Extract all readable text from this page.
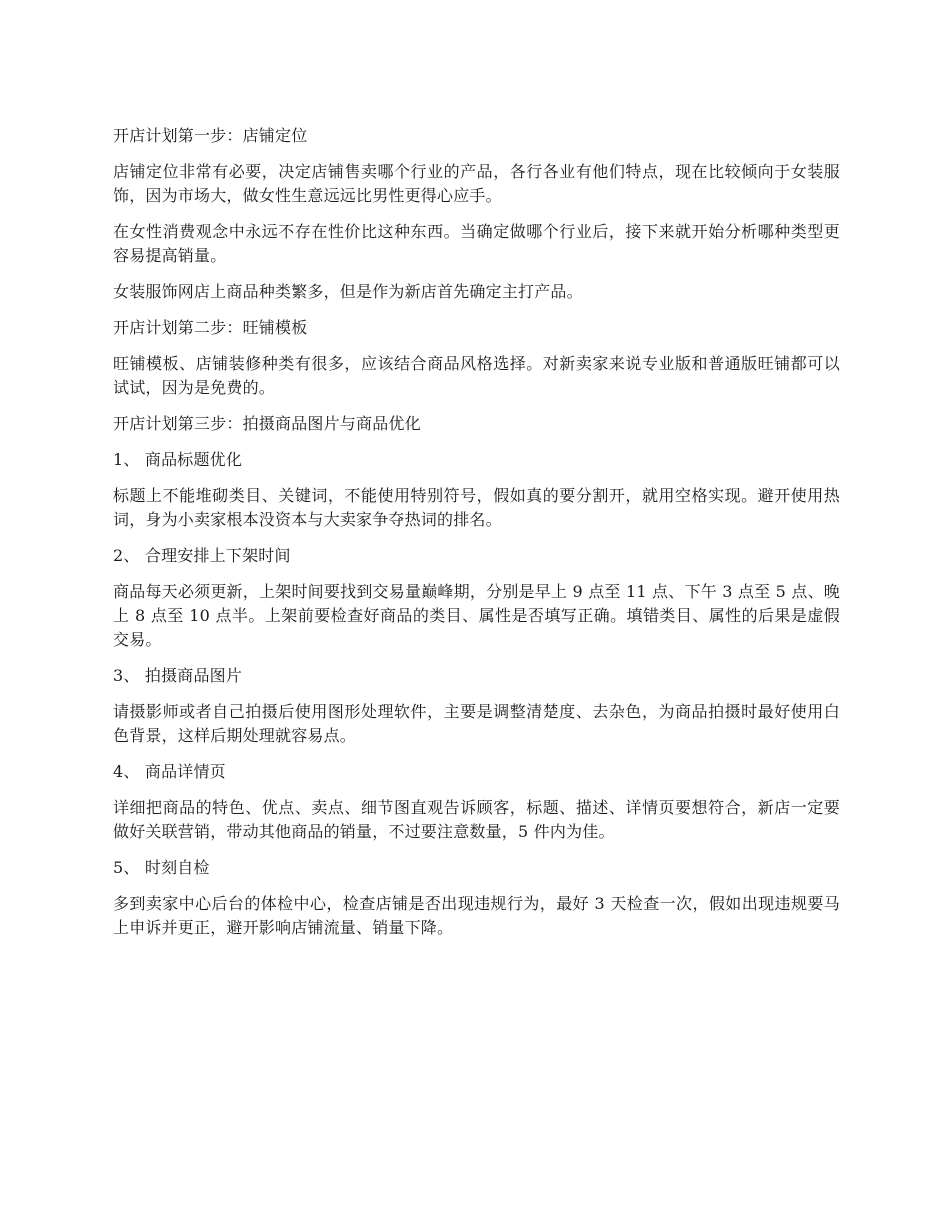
开店计划第一步：店铺定位

店铺定位非常有必要，决定店铺售卖哪个行业的产品，各行各业有他们特点，现在比较倾向于女装服饰，因为市场大，做女性生意远远比男性更得心应手。

在女性消费观念中永远不存在性价比这种东西。当确定做哪个行业后，接下来就开始分析哪种类型更容易提高销量。

女装服饰网店上商品种类繁多，但是作为新店首先确定主打产品。

开店计划第二步：旺铺模板

旺铺模板、店铺装修种类有很多，应该结合商品风格选择。对新卖家来说专业版和普通版旺铺都可以试试，因为是免费的。

开店计划第三步：拍摄商品图片与商品优化

1、 商品标题优化

标题上不能堆砌类目、关键词，不能使用特别符号，假如真的要分割开，就用空格实现。避开使用热词，身为小卖家根本没资本与大卖家争夺热词的排名。

2、 合理安排上下架时间

商品每天必须更新，上架时间要找到交易量巅峰期，分别是早上 9 点至 11 点、下午 3 点至 5 点、晚上 8 点至 10 点半。上架前要检查好商品的类目、属性是否填写正确。填错类目、属性的后果是虚假交易。

3、 拍摄商品图片

请摄影师或者自己拍摄后使用图形处理软件，主要是调整清楚度、去杂色，为商品拍摄时最好使用白色背景，这样后期处理就容易点。

4、 商品详情页

详细把商品的特色、优点、卖点、细节图直观告诉顾客，标题、描述、详情页要想符合，新店一定要做好关联营销，带动其他商品的销量，不过要注意数量，5 件内为佳。

5、 时刻自检

多到卖家中心后台的体检中心，检查店铺是否出现违规行为，最好 3 天检查一次，假如出现违规要马上申诉并更正，避开影响店铺流量、销量下降。
